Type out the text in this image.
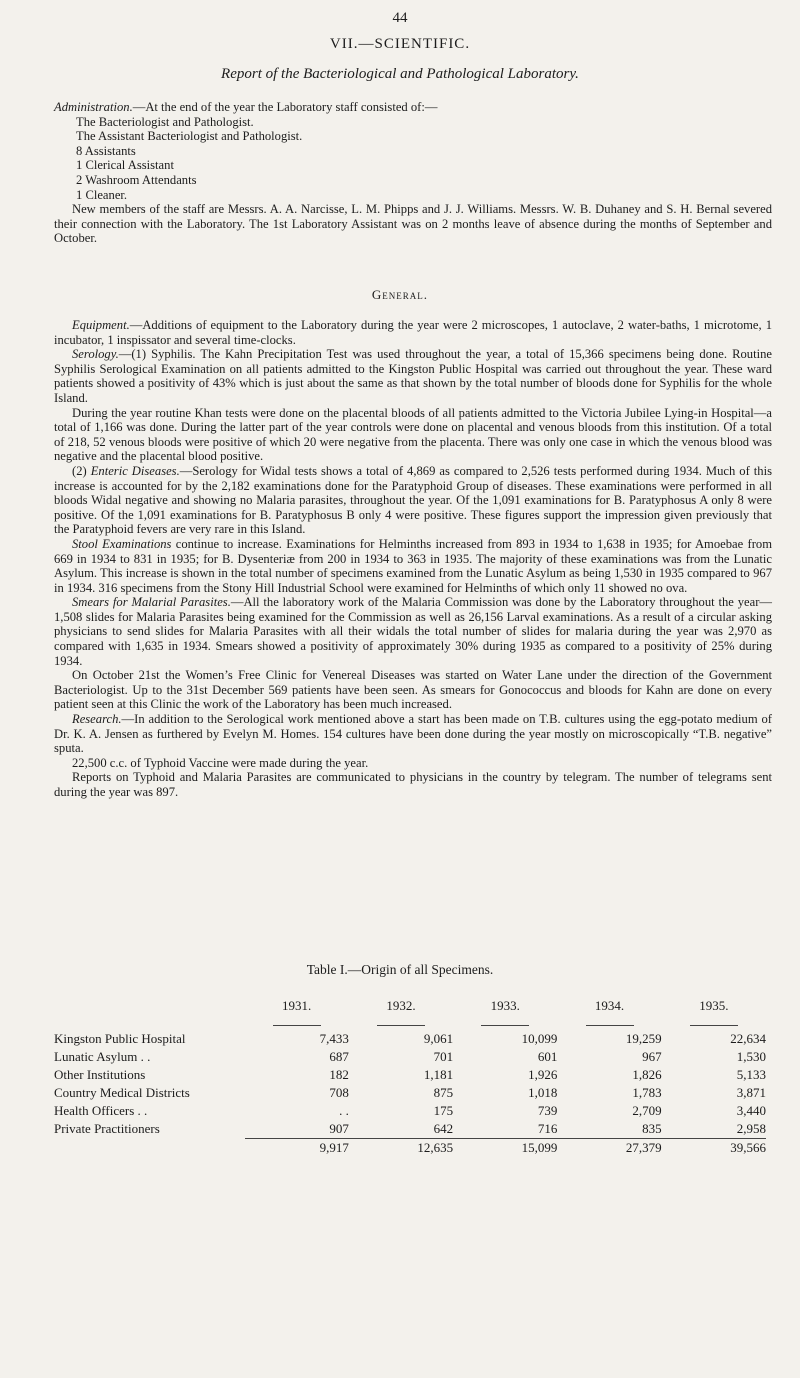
44
VII.—SCIENTIFIC.
Report of the Bacteriological and Pathological Laboratory.

Administration.—At the end of the year the Laboratory staff consisted of:—

The Bacteriologist and Pathologist.

The Assistant Bacteriologist and Pathologist.

8 Assistants

1 Clerical Assistant

2 Washroom Attendants

1 Cleaner.

New members of the staff are Messrs. A. A. Narcisse, L. M. Phipps and J. J. Williams. Messrs. W. B. Duhaney and S. H. Bernal severed their connection with the Laboratory. The 1st Laboratory Assistant was on 2 months leave of absence during the months of September and October.

General.

Equipment.—Additions of equipment to the Laboratory during the year were 2 microscopes, 1 autoclave, 2 water-baths, 1 microtome, 1 incubator, 1 inspissator and several time-clocks.

Serology.—(1) Syphilis. The Kahn Precipitation Test was used throughout the year, a total of 15,366 specimens being done. Routine Syphilis Serological Examination on all patients admitted to the Kingston Public Hospital was carried out throughout the year. These ward patients showed a positivity of 43% which is just about the same as that shown by the total number of bloods done for Syphilis for the whole Island.

During the year routine Khan tests were done on the placental bloods of all patients admitted to the Victoria Jubilee Lying-in Hospital—a total of 1,166 was done. During the latter part of the year controls were done on placental and venous bloods from this institution. Of a total of 218, 52 venous bloods were positive of which 20 were negative from the placenta. There was only one case in which the venous blood was negative and the placental blood positive.

(2) Enteric Diseases.—Serology for Widal tests shows a total of 4,869 as compared to 2,526 tests performed during 1934. Much of this increase is accounted for by the 2,182 examinations done for the Paratyphoid Group of diseases. These examinations were performed in all bloods Widal negative and showing no Malaria parasites, throughout the year. Of the 1,091 examinations for B. Paratyphosus A only 8 were positive. Of the 1,091 examinations for B. Paratyphosus B only 4 were positive. These figures support the impression given previously that the Paratyphoid fevers are very rare in this Island.

Stool Examinations continue to increase. Examinations for Helminths increased from 893 in 1934 to 1,638 in 1935; for Amoebae from 669 in 1934 to 831 in 1935; for B. Dysenteriæ from 200 in 1934 to 363 in 1935. The majority of these examinations was from the Lunatic Asylum. This increase is shown in the total number of specimens examined from the Lunatic Asylum as being 1,530 in 1935 compared to 967 in 1934. 316 specimens from the Stony Hill Industrial School were examined for Helminths of which only 11 showed no ova.

Smears for Malarial Parasites.—All the laboratory work of the Malaria Commission was done by the Laboratory throughout the year—1,508 slides for Malaria Parasites being examined for the Commission as well as 26,156 Larval examinations. As a result of a circular asking physicians to send slides for Malaria Parasites with all their widals the total number of slides for malaria during the year was 2,970 as compared with 1,635 in 1934. Smears showed a positivity of approximately 30% during 1935 as compared to a positivity of 25% during 1934.

On October 21st the Women’s Free Clinic for Venereal Diseases was started on Water Lane under the direction of the Government Bacteriologist. Up to the 31st December 569 patients have been seen. As smears for Gonococcus and bloods for Kahn are done on every patient seen at this Clinic the work of the Laboratory has been much increased.

Research.—In addition to the Serological work mentioned above a start has been made on T.B. cultures using the egg-potato medium of Dr. K. A. Jensen as furthered by Evelyn M. Homes. 154 cultures have been done during the year mostly on microscopically “T.B. negative” sputa.

22,500 c.c. of Typhoid Vaccine were made during the year.

Reports on Typhoid and Malaria Parasites are communicated to physicians in the country by telegram. The number of telegrams sent during the year was 897.

Table I.—Origin of all Specimens.

	1931.	1932.	1933.	1934.	1935.

Kingston Public Hospital	7,433	9,061	10,099	19,259	22,634
Lunatic Asylum . .	687	701	601	967	1,530
Other Institutions	182	1,181	1,926	1,826	5,133
Country Medical Districts	708	875	1,018	1,783	3,871
Health Officers . .	. .	175	739	2,709	3,440
Private Practitioners	907	642	716	835	2,958
	9,917	12,635	15,099	27,379	39,566
